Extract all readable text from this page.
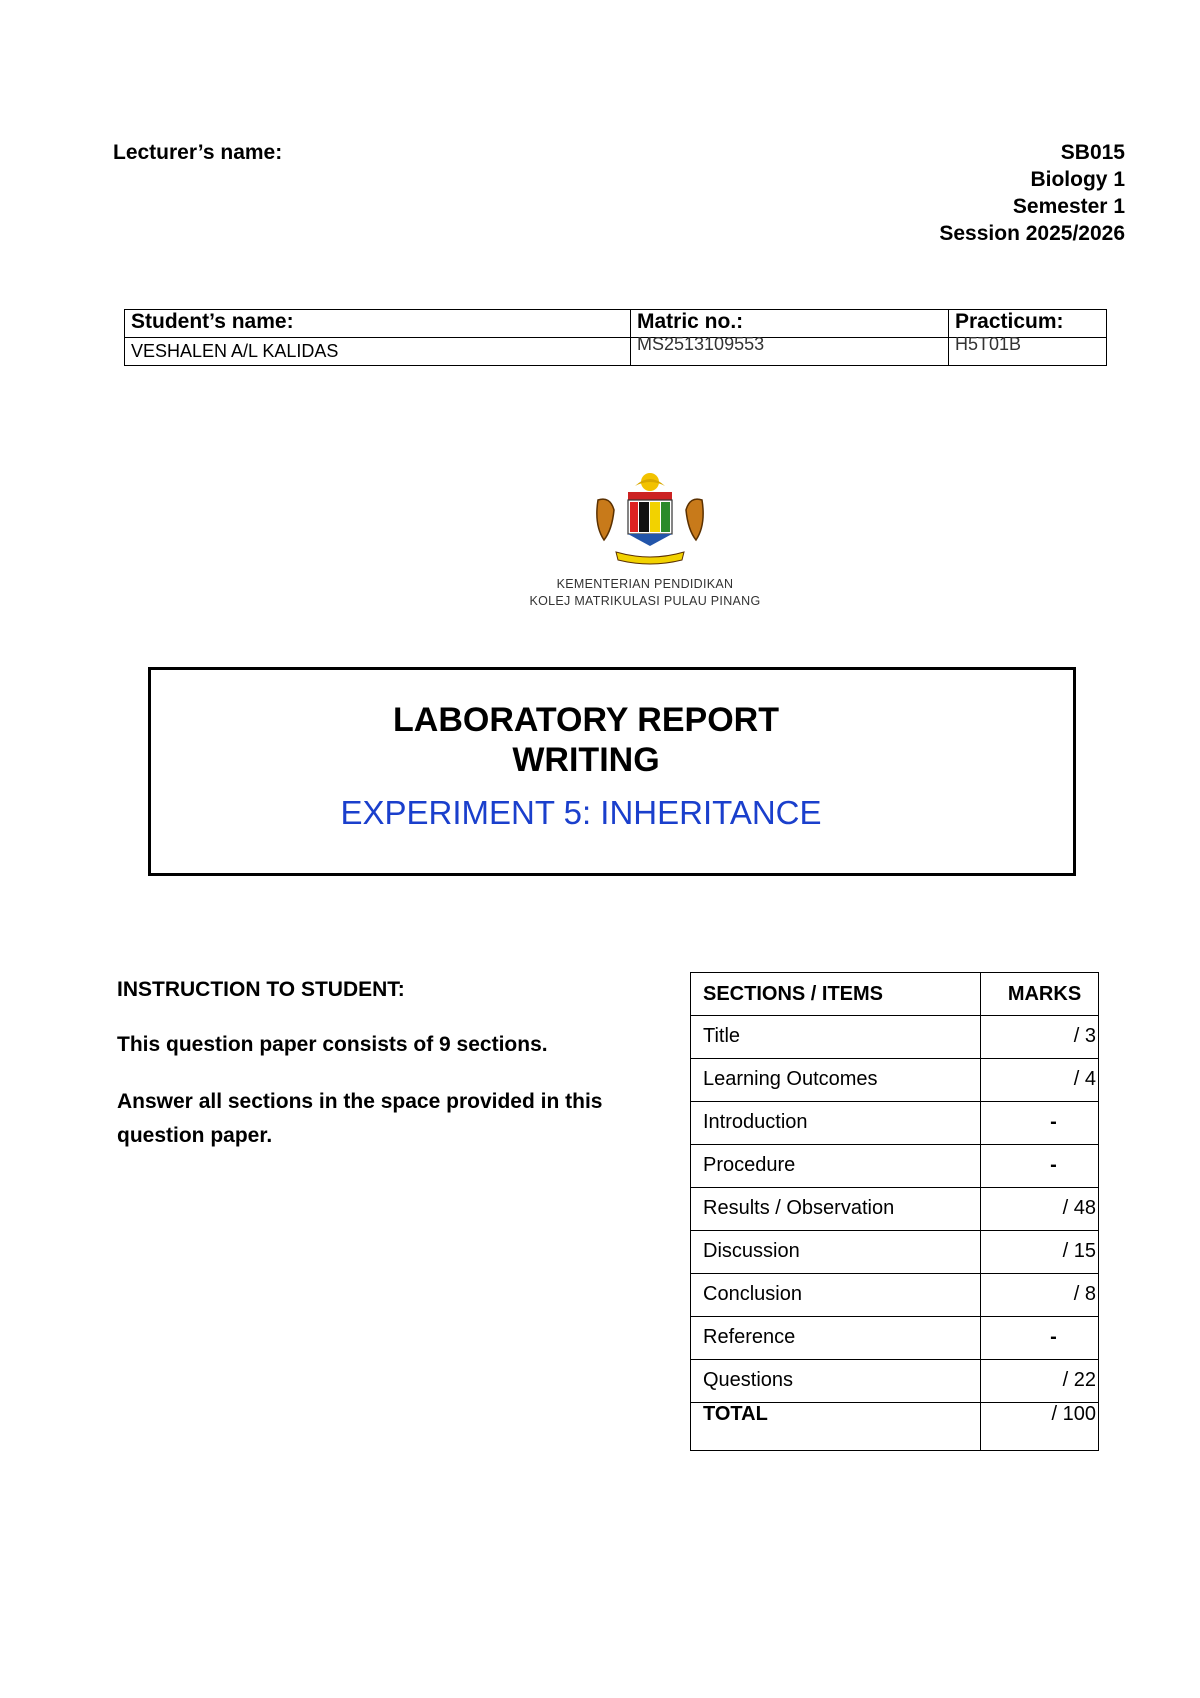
Lecturer’s name:	SB015
Biology 1
Semester 1
Session 2025/2026
Student’s name:	Matric no.:	Practicum:
VESHALEN A/L KALIDAS	MS2513109553	H5T01B
KEMENTERIAN PENDIDIKAN
KOLEJ MATRIKULASI PULAU PINANG
LABORATORY REPORT
WRITING
EXPERIMENT 5: INHERITANCE

INSTRUCTION TO STUDENT:

This question paper consists of 9 sections.

Answer all sections in the space provided in this question paper.

SECTIONS / ITEMS	MARKS
Title	/ 3
Learning Outcomes	/ 4
Introduction	-
Procedure	-
Results / Observation	/ 48
Discussion	/ 15
Conclusion	/ 8
Reference	-
Questions	/ 22
TOTAL	/ 100
